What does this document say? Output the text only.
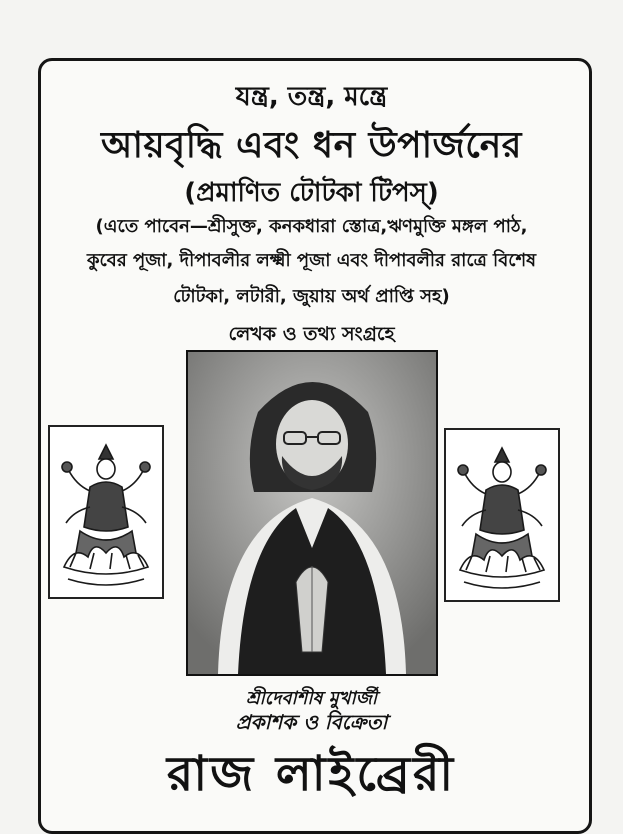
যন্ত্র, তন্ত্র, মন্ত্রে
আয়বৃদ্ধি এবং ধন উপার্জনের
(প্রমাণিত টোটকা টিপস্)
(এতে পাবেন—শ্রীসুক্ত, কনকধারা স্তোত্র,ঋণমুক্তি মঙ্গল পাঠ,
কুবের পূজা, দীপাবলীর লক্ষ্মী পূজা এবং দীপাবলীর রাত্রে বিশেষ
টোটকা, লটারী, জুয়ায় অর্থ প্রাপ্তি সহ)
লেখক ও তথ্য সংগ্রহে
শ্রীদেবাশীষ মুখার্জী
প্রকাশক ও বিক্রেতা
রাজ লাইব্রেরী
